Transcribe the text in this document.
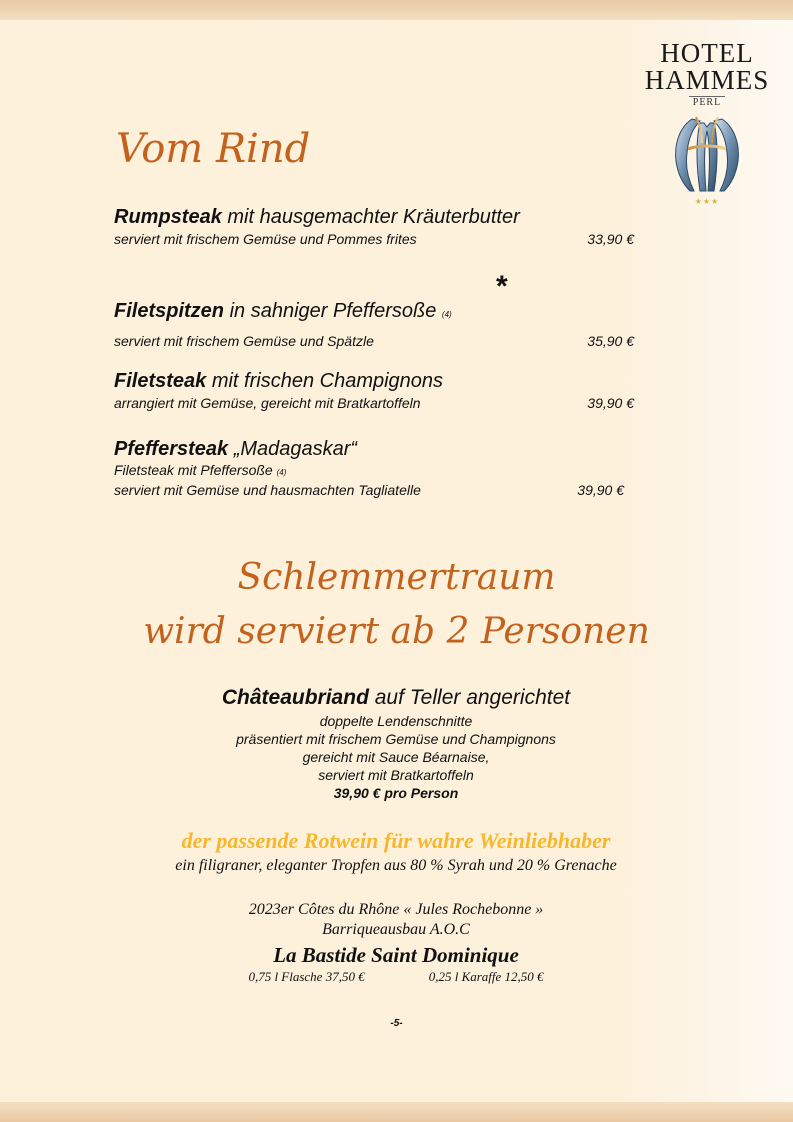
HOTEL
HAMMES
PERL
★★★
Vom Rind
Rumpsteak mit hausgemachter Kräuterbutter
serviert mit frischem Gemüse und Pommes frites	33,90 €
Filetspitzen in sahniger Pfeffersoße (4)
*
serviert mit frischem Gemüse und Spätzle	35,90 €
Filetsteak mit frischen Champignons
arrangiert mit Gemüse, gereicht mit Bratkartoffeln	39,90 €
Pfeffersteak „Madagaskar“
Filetsteak mit Pfeffersoße (4)
serviert mit Gemüse und hausmachten Tagliatelle	39,90 €
Schlemmertraum
wird serviert ab 2 Personen
Châteaubriand auf Teller angerichtet
doppelte Lendenschnitte
präsentiert mit frischem Gemüse und Champignons
gereicht mit Sauce Béarnaise,
serviert mit Bratkartoffeln
39,90 € pro Person
der passende Rotwein für wahre Weinliebhaber
ein filigraner, eleganter Tropfen aus 80 % Syrah und 20 % Grenache
2023er Côtes du Rhône « Jules Rochebonne »
Barriqueausbau A.O.C
La Bastide Saint Dominique
0,75 l Flasche 37,50 €	0,25 l Karaffe 12,50 €
-5-
